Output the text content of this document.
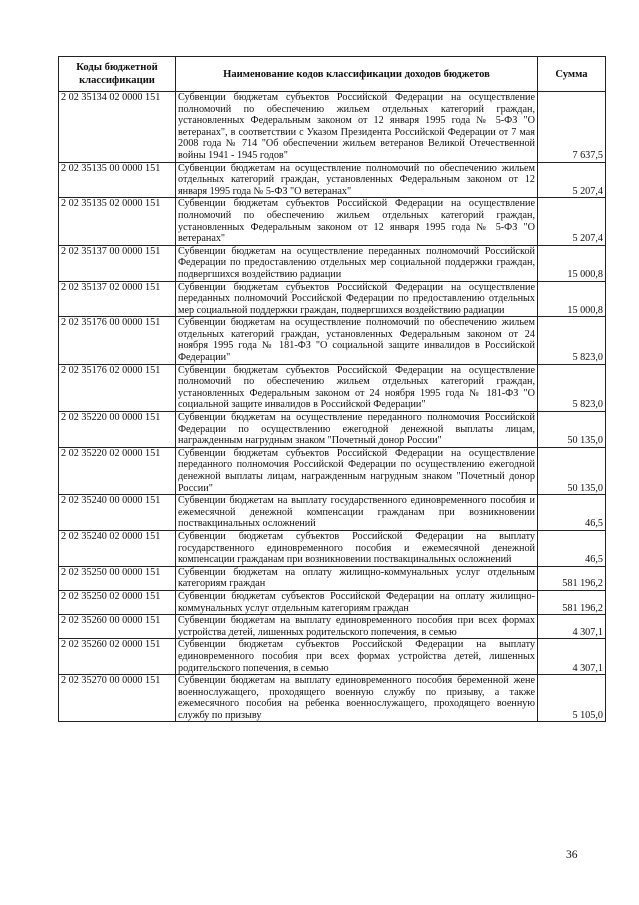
Коды бюджетной классификации	Наименование кодов классификации доходов бюджетов	Сумма
2 02 35134 02 0000 151	Субвенции бюджетам субъектов Российской Федерации на осуществление полномочий по обеспечению жильем отдельных категорий граждан, установленных Федеральным законом от 12 января 1995 года № 5-ФЗ "О ветеранах", в соответствии с Указом Президента Российской Федерации от 7 мая 2008 года № 714 "Об обеспечении жильем ветеранов Великой Отечественной войны 1941 - 1945 годов"	7 637,5
2 02 35135 00 0000 151	Субвенции бюджетам на осуществление полномочий по обеспечению жильем отдельных категорий граждан, установленных Федеральным законом от 12 января 1995 года № 5-ФЗ "О ветеранах"	5 207,4
2 02 35135 02 0000 151	Субвенции бюджетам субъектов Российской Федерации на осуществление полномочий по обеспечению жильем отдельных категорий граждан, установленных Федеральным законом от 12 января 1995 года № 5-ФЗ "О ветеранах"	5 207,4
2 02 35137 00 0000 151	Субвенции бюджетам на осуществление переданных полномочий Российской Федерации по предоставлению отдельных мер социальной поддержки граждан, подвергшихся воздействию радиации	15 000,8
2 02 35137 02 0000 151	Субвенции бюджетам субъектов Российской Федерации на осуществление переданных полномочий Российской Федерации по предоставлению отдельных мер социальной поддержки граждан, подвергшихся воздействию радиации	15 000,8
2 02 35176 00 0000 151	Субвенции бюджетам на осуществление полномочий по обеспечению жильем отдельных категорий граждан, установленных Федеральным законом от 24 ноября 1995 года № 181-ФЗ "О социальной защите инвалидов в Российской Федерации"	5 823,0
2 02 35176 02 0000 151	Субвенции бюджетам субъектов Российской Федерации на осуществление полномочий по обеспечению жильем отдельных категорий граждан, установленных Федеральным законом от 24 ноября 1995 года № 181-ФЗ "О социальной защите инвалидов в Российской Федерации"	5 823,0
2 02 35220 00 0000 151	Субвенции бюджетам на осуществление переданного полномочия Российской Федерации по осуществлению ежегодной денежной выплаты лицам, награжденным нагрудным знаком "Почетный донор России"	50 135,0
2 02 35220 02 0000 151	Субвенции бюджетам субъектов Российской Федерации на осуществление переданного полномочия Российской Федерации по осуществлению ежегодной денежной выплаты лицам, награжденным нагрудным знаком "Почетный донор России"	50 135,0
2 02 35240 00 0000 151	Субвенции бюджетам на выплату государственного единовременного пособия и ежемесячной денежной компенсации гражданам при возникновении поствакцинальных осложнений	46,5
2 02 35240 02 0000 151	Субвенции бюджетам субъектов Российской Федерации на выплату государственного единовременного пособия и ежемесячной денежной компенсации гражданам при возникновении поствакцинальных осложнений	46,5
2 02 35250 00 0000 151	Субвенции бюджетам на оплату жилищно-коммунальных услуг отдельным категориям граждан	581 196,2
2 02 35250 02 0000 151	Субвенции бюджетам субъектов Российской Федерации на оплату жилищно-коммунальных услуг отдельным категориям граждан	581 196,2
2 02 35260 00 0000 151	Субвенции бюджетам на выплату единовременного пособия при всех формах устройства детей, лишенных родительского попечения, в семью	4 307,1
2 02 35260 02 0000 151	Субвенции бюджетам субъектов Российской Федерации на выплату единовременного пособия при всех формах устройства детей, лишенных родительского попечения, в семью	4 307,1
2 02 35270 00 0000 151	Субвенции бюджетам на выплату единовременного пособия беременной жене военнослужащего, проходящего военную службу по призыву, а также ежемесячного пособия на ребенка военнослужащего, проходящего военную службу по призыву	5 105,0
36
